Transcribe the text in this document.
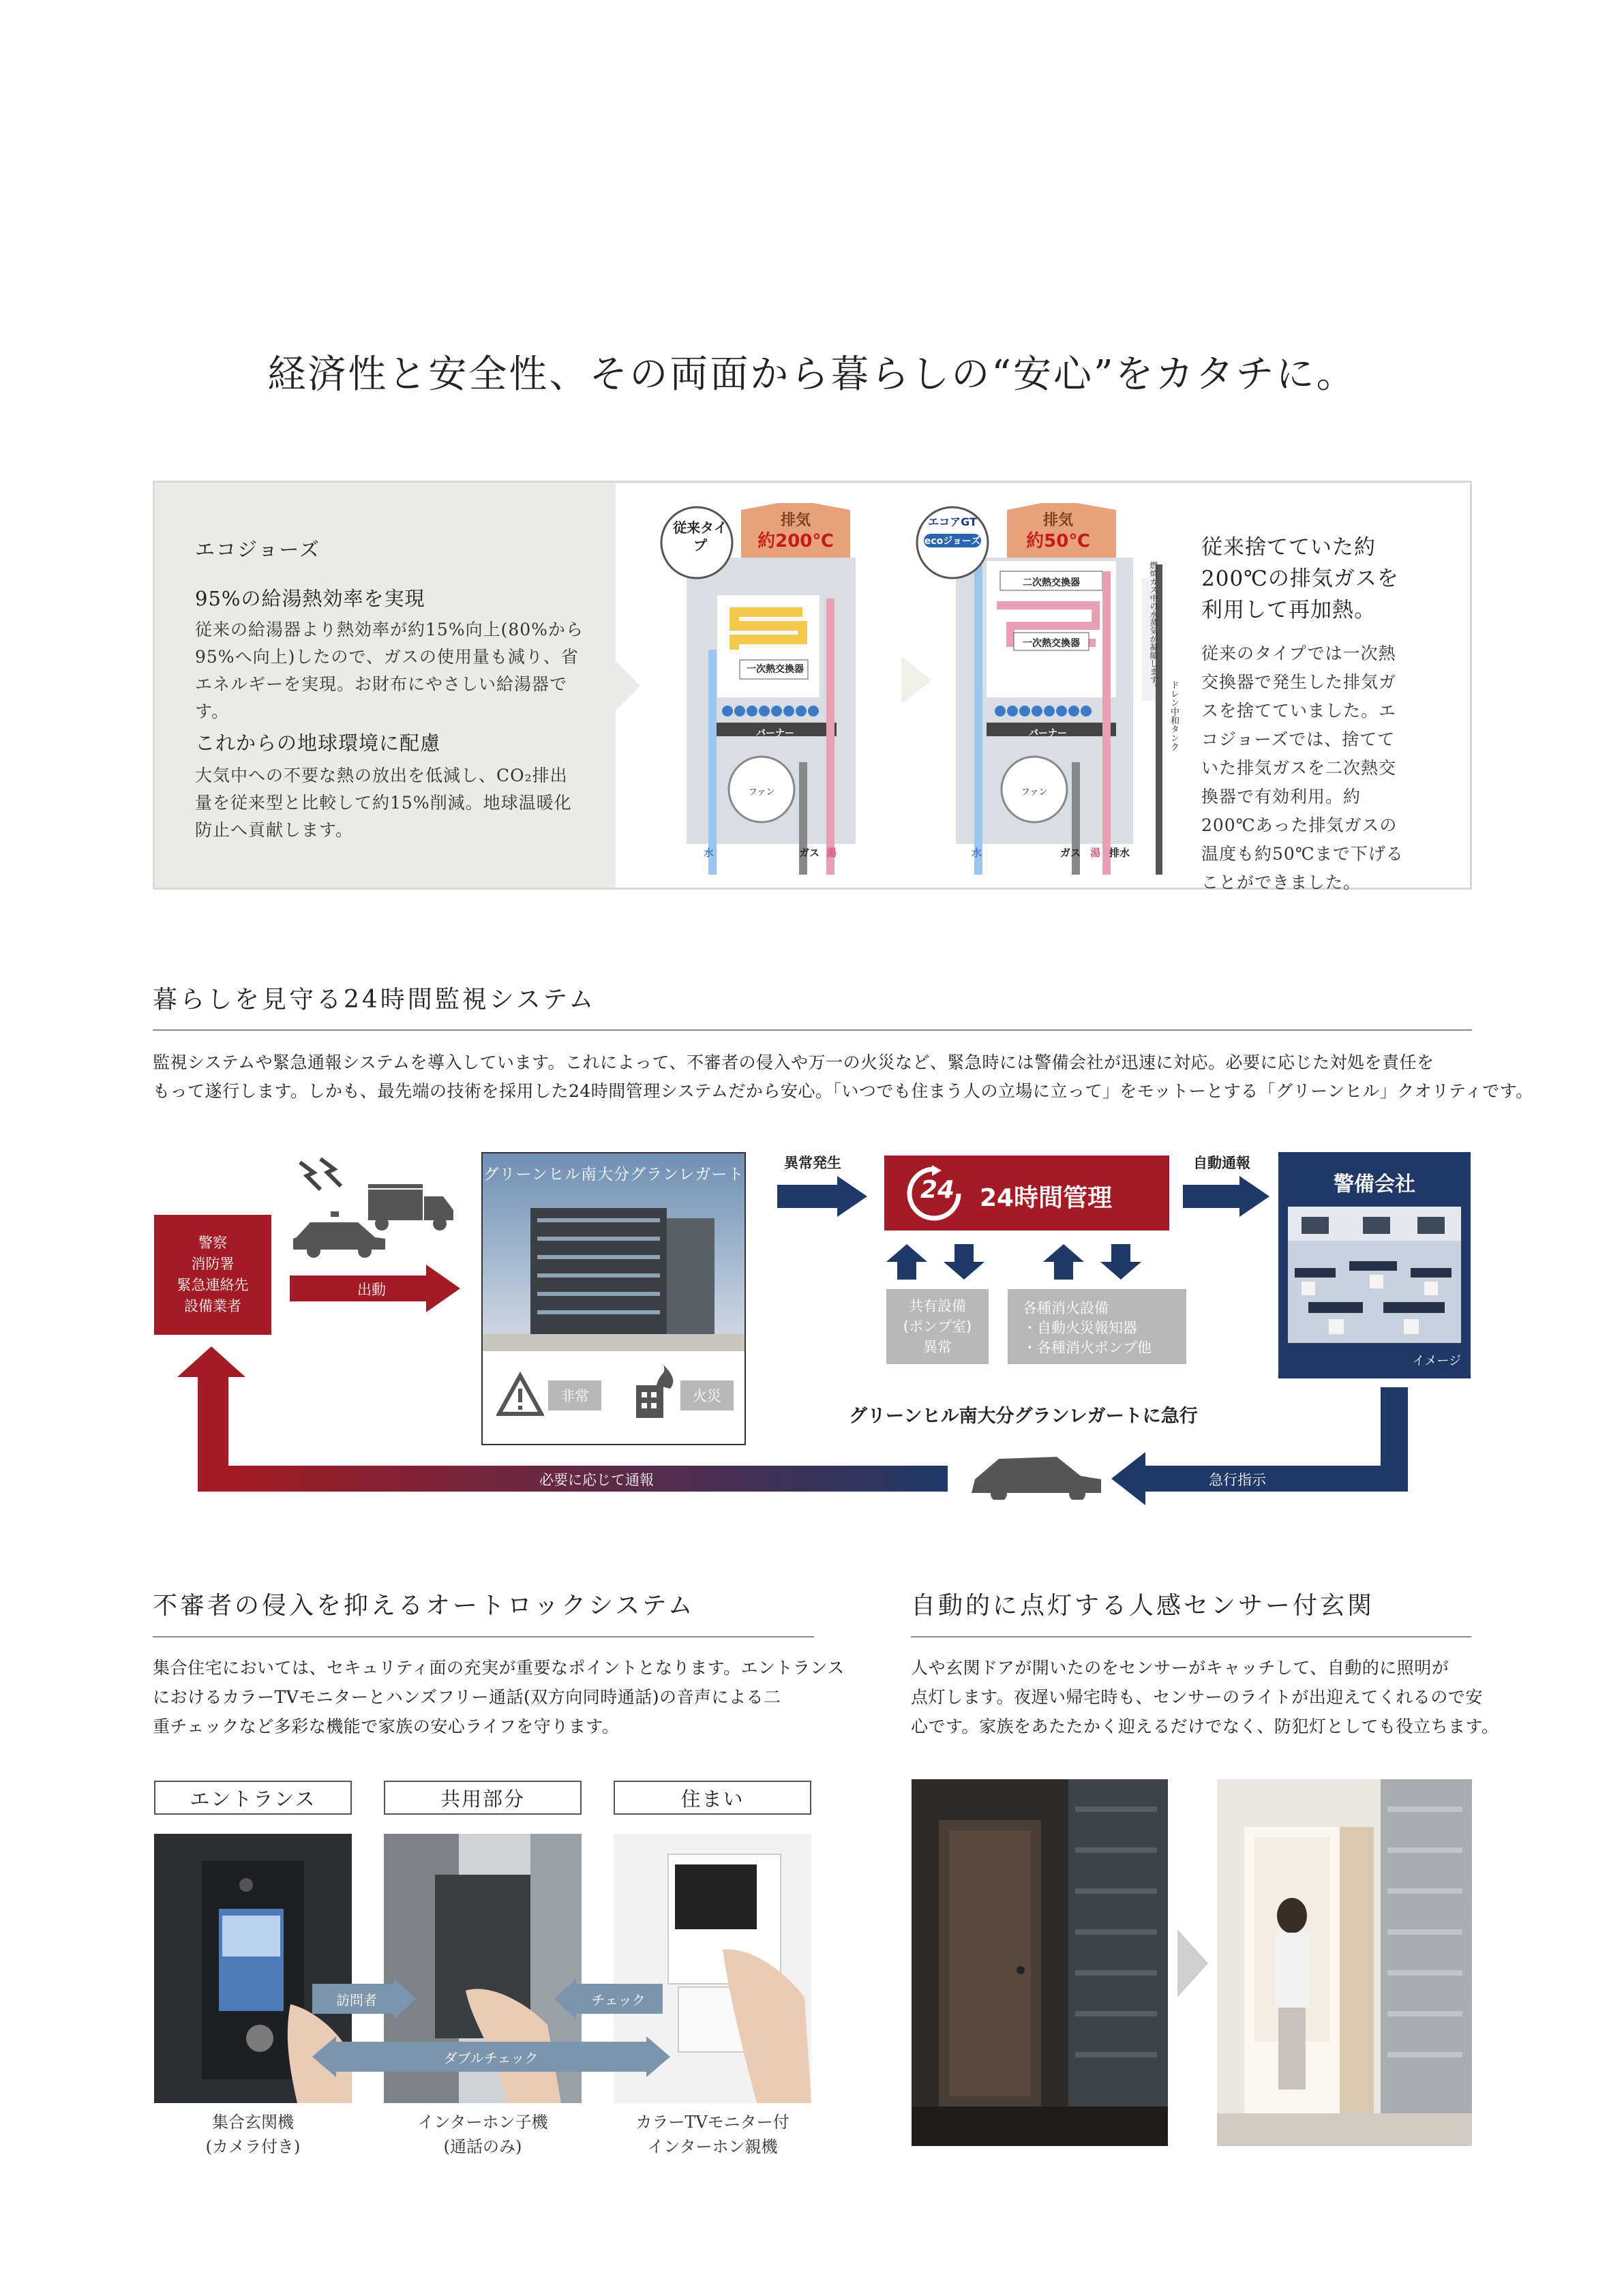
経済性と安全性、その両面から暮らしの“安心”をカタチに。
エコジョーズ
95%の給湯熱効率を実現
従来の給湯器より熱効率が約15%向上(80%から95%へ向上)したので、ガスの使用量も減り、省エネルギーを実現。お財布にやさしい給湯器です。
これからの地球環境に配慮
大気中への不要な熱の放出を低減し、CO₂排出量を従来型と比較して約15%削減。地球温暖化防止へ貢献します。
従来タイプ
排気
約200℃
一次熱交換器
バーナー
ファン
水	ガス 湯
エコアGT
ecoジョーズ
排気
約50℃
二次熱交換器
一次熱交換器
バーナー
ファン
水	ガス 湯 排水
燃焼ガス中の水蒸気が凝縮します。
ドレン中和タンク
従来捨てていた約200℃の排気ガスを利用して再加熱。
従来のタイプでは一次熱交換器で発生した排気ガスを捨てていました。エコジョーズでは、捨てていた排気ガスを二次熱交換器で有効利用。約200℃あった排気ガスの温度も約50℃まで下げることができました。
暮らしを見守る24時間監視システム
監視システムや緊急通報システムを導入しています。これによって、不審者の侵入や万一の火災など、緊急時には警備会社が迅速に対応。必要に応じた対処を責任を
もって遂行します。しかも、最先端の技術を採用した24時間管理システムだから安心。「いつでも住まう人の立場に立って」をモットーとする「グリーンヒル」クオリティです。
警察
消防署
緊急連絡先
設備業者
出動
グリーンヒル南大分グランレガート
非常	火災
異常発生
24	24時間管理
共有設備
(ポンプ室)
異常
各種消火設備
・自動火災報知器
・各種消火ポンプ他
自動通報
警備会社
イメージ
グリーンヒル南大分グランレガートに急行
必要に応じて通報	急行指示
不審者の侵入を抑えるオートロックシステム
集合住宅においては、セキュリティ面の充実が重要なポイントとなります。エントランス
におけるカラーTVモニターとハンズフリー通話(双方向同時通話)の音声による二
重チェックなど多彩な機能で家族の安心ライフを守ります。
エントランス	共用部分	住まい
訪問者	チェック
ダブルチェック
集合玄関機
(カメラ付き)
インターホン子機
(通話のみ)
カラーTVモニター付
インターホン親機
自動的に点灯する人感センサー付玄関
人や玄関ドアが開いたのをセンサーがキャッチして、自動的に照明が
点灯します。夜遅い帰宅時も、センサーのライトが出迎えてくれるので安
心です。家族をあたたかく迎えるだけでなく、防犯灯としても役立ちます。
